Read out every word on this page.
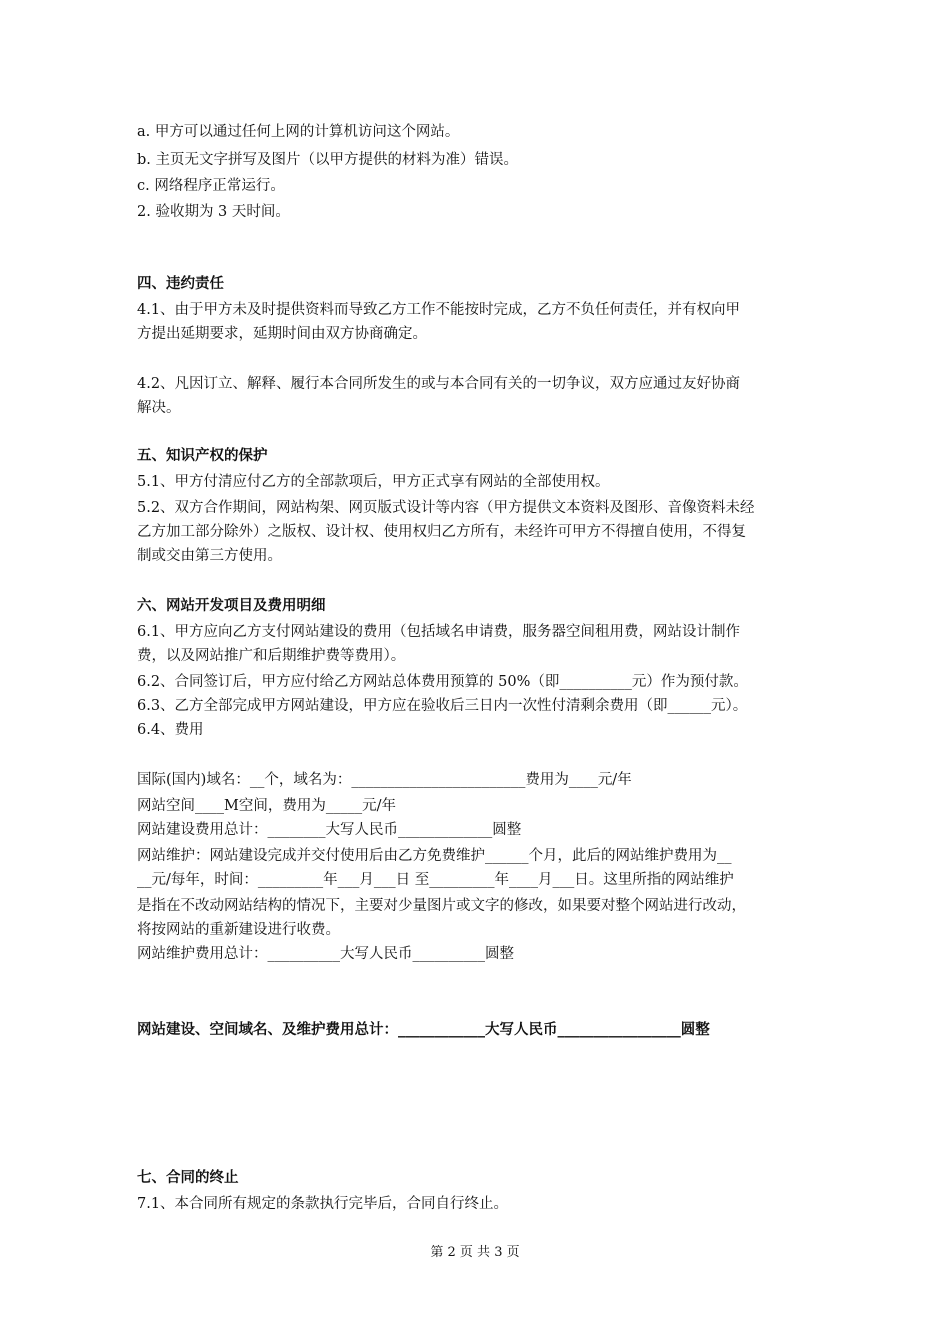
a. 甲方可以通过任何上网的计算机访问这个网站。
b. 主页无文字拼写及图片（以甲方提供的材料为准）错误。
c. 网络程序正常运行。
2. 验收期为 3 天时间。
四、违约责任
4.1、由于甲方未及时提供资料而导致乙方工作不能按时完成，乙方不负任何责任，并有权向甲
方提出延期要求，延期时间由双方协商确定。
4.2、凡因订立、解释、履行本合同所发生的或与本合同有关的一切争议，双方应通过友好协商
解决。
五、知识产权的保护
5.1、甲方付清应付乙方的全部款项后，甲方正式享有网站的全部使用权。
5.2、双方合作期间，网站构架、网页版式设计等内容（甲方提供文本资料及图形、音像资料未经
乙方加工部分除外）之版权、设计权、使用权归乙方所有，未经许可甲方不得擅自使用，不得复
制或交由第三方使用。
六、网站开发项目及费用明细
6.1、甲方应向乙方支付网站建设的费用（包括域名申请费，服务器空间租用费，网站设计制作
费，以及网站推广和后期维护费等费用）。
6.2、合同签订后，甲方应付给乙方网站总体费用预算的 50%（即__________元）作为预付款。
6.3、乙方全部完成甲方网站建设，甲方应在验收后三日内一次性付清剩余费用（即______元）。
6.4、费用
国际(国内)域名：__个，域名为：________________________费用为____元/年
网站空间____M空间，费用为_____元/年
网站建设费用总计：________大写人民币_____________圆整
网站维护：网站建设完成并交付使用后由乙方免费维护______个月，此后的网站维护费用为__
__元/每年，时间：_________年___月___日 至_________年____月___日。这里所指的网站维护
是指在不改动网站结构的情况下，主要对少量图片或文字的修改，如果要对整个网站进行改动，
将按网站的重新建设进行收费。
网站维护费用总计：__________大写人民币__________圆整
网站建设、空间域名、及维护费用总计：____________大写人民币_________________圆整
七、合同的终止
7.1、本合同所有规定的条款执行完毕后，合同自行终止。
第 2 页 共 3 页
